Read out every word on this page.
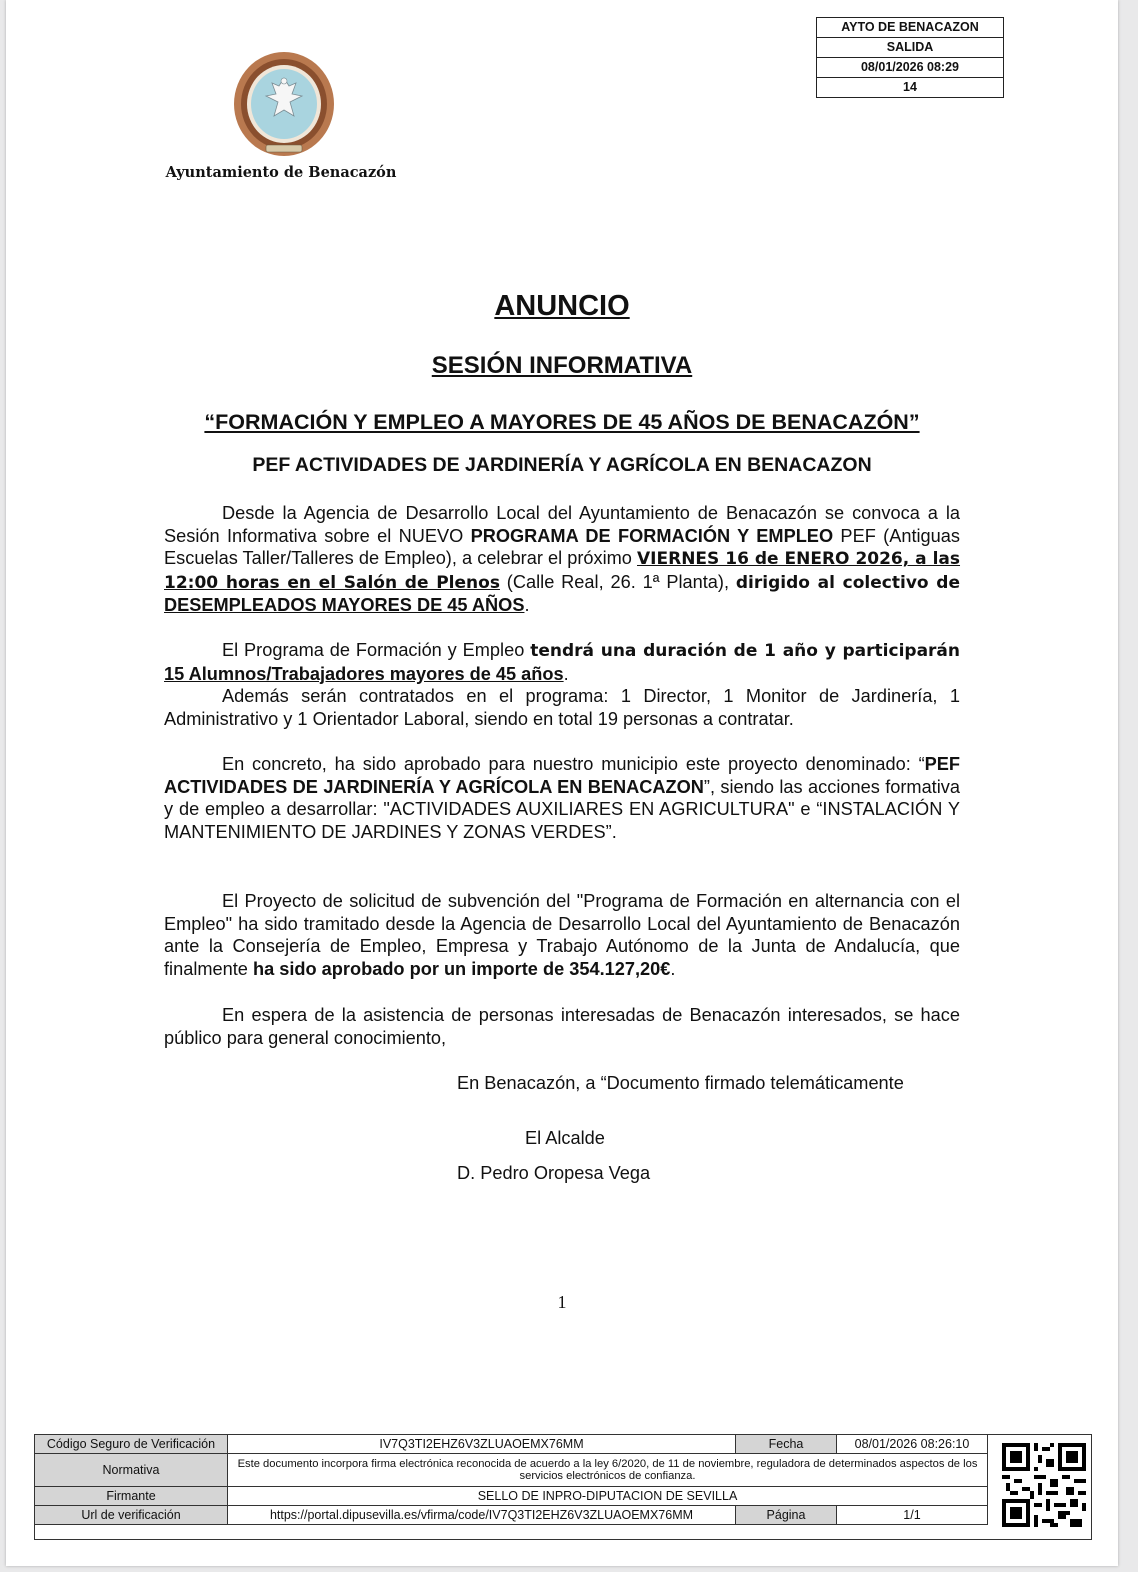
AYTO DE BENACAZON
SALIDA
08/01/2026 08:29
14
Ayuntamiento de Benacazón
ANUNCIO
SESIÓN INFORMATIVA
“FORMACIÓN Y EMPLEO A MAYORES DE 45 AÑOS DE BENACAZÓN”
PEF ACTIVIDADES DE JARDINERÍA Y AGRÍCOLA EN BENACAZON

Desde la Agencia de Desarrollo Local del Ayuntamiento de Benacazón se convoca a la Sesión Informativa sobre el NUEVO PROGRAMA DE FORMACIÓN Y EMPLEO PEF (Antiguas Escuelas Taller/Talleres de Empleo), a celebrar el próximo VIERNES 16 de ENERO 2026, a las 12:00 horas en el Salón de Plenos (Calle Real, 26. 1ª Planta), dirigido al colectivo de DESEMPLEADOS MAYORES DE 45 AÑOS.

El Programa de Formación y Empleo tendrá una duración de 1 año y participarán 15 Alumnos/Trabajadores mayores de 45 años.

Además serán contratados en el programa: 1 Director, 1 Monitor de Jardinería, 1 Administrativo y 1 Orientador Laboral, siendo en total 19 personas a contratar.

En concreto, ha sido aprobado para nuestro municipio este proyecto denominado: “PEF ACTIVIDADES DE JARDINERÍA Y AGRÍCOLA EN BENACAZON”, siendo las acciones formativa y de empleo a desarrollar: "ACTIVIDADES AUXILIARES EN AGRICULTURA" e “INSTALACIÓN Y MANTENIMIENTO DE JARDINES Y ZONAS VERDES”.

El Proyecto de solicitud de subvención del "Programa de Formación en alternancia con el Empleo" ha sido tramitado desde la Agencia de Desarrollo Local del Ayuntamiento de Benacazón ante la Consejería de Empleo, Empresa y Trabajo Autónomo de la Junta de Andalucía, que finalmente ha sido aprobado por un importe de 354.127,20€.

En espera de la asistencia de personas interesadas de Benacazón interesados, se hace público para general conocimiento,

En Benacazón, a “Documento firmado telemáticamente
El Alcalde
D. Pedro Oropesa Vega
1
Código Seguro de Verificación	IV7Q3TI2EHZ6V3ZLUAOEMX76MM	Fecha	08/01/2026 08:26:10
Normativa	Este documento incorpora firma electrónica reconocida de acuerdo a la ley 6/2020, de 11 de noviembre, reguladora de determinados aspectos de los servicios electrónicos de confianza.		
Firmante	SELLO DE INPRO-DIPUTACION DE SEVILLA		
Url de verificación	https://portal.dipusevilla.es/vfirma/code/IV7Q3TI2EHZ6V3ZLUAOEMX76MM	Página	1/1
